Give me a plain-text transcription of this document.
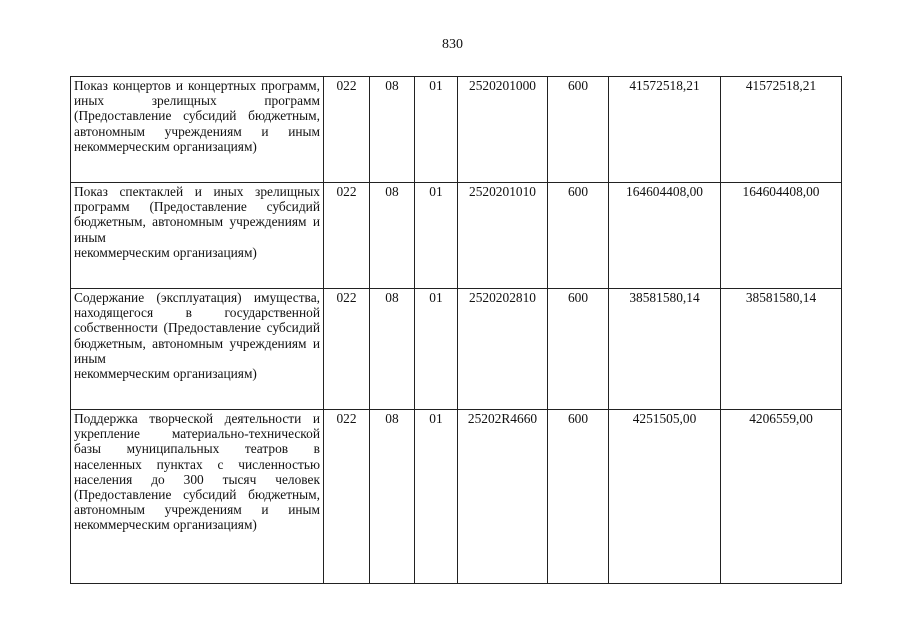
830
Показ концертов и концертных программ, иных зрелищных программ (Предоставление субсидий бюджетным, автономным учреждениям и иным
некоммерческим организациям)	022	08	01	2520201000	600	41572518,21	41572518,21
Показ спектаклей и иных зрелищных программ (Предоставление субсидий бюджетным, автономным учреждениям и иным
некоммерческим организациям)	022	08	01	2520201010	600	164604408,00	164604408,00
Содержание (эксплуатация) имущества, находящегося в государственной собственности (Предоставление субсидий бюджетным, автономным учреждениям и иным
некоммерческим организациям)	022	08	01	2520202810	600	38581580,14	38581580,14
Поддержка творческой деятельности и укрепление материально-технической базы муниципальных театров в населенных пунктах с численностью населения до 300 тысяч человек (Предоставление субсидий бюджетным, автономным учреждениям и иным
некоммерческим организациям)	022	08	01	25202R4660	600	4251505,00	4206559,00
